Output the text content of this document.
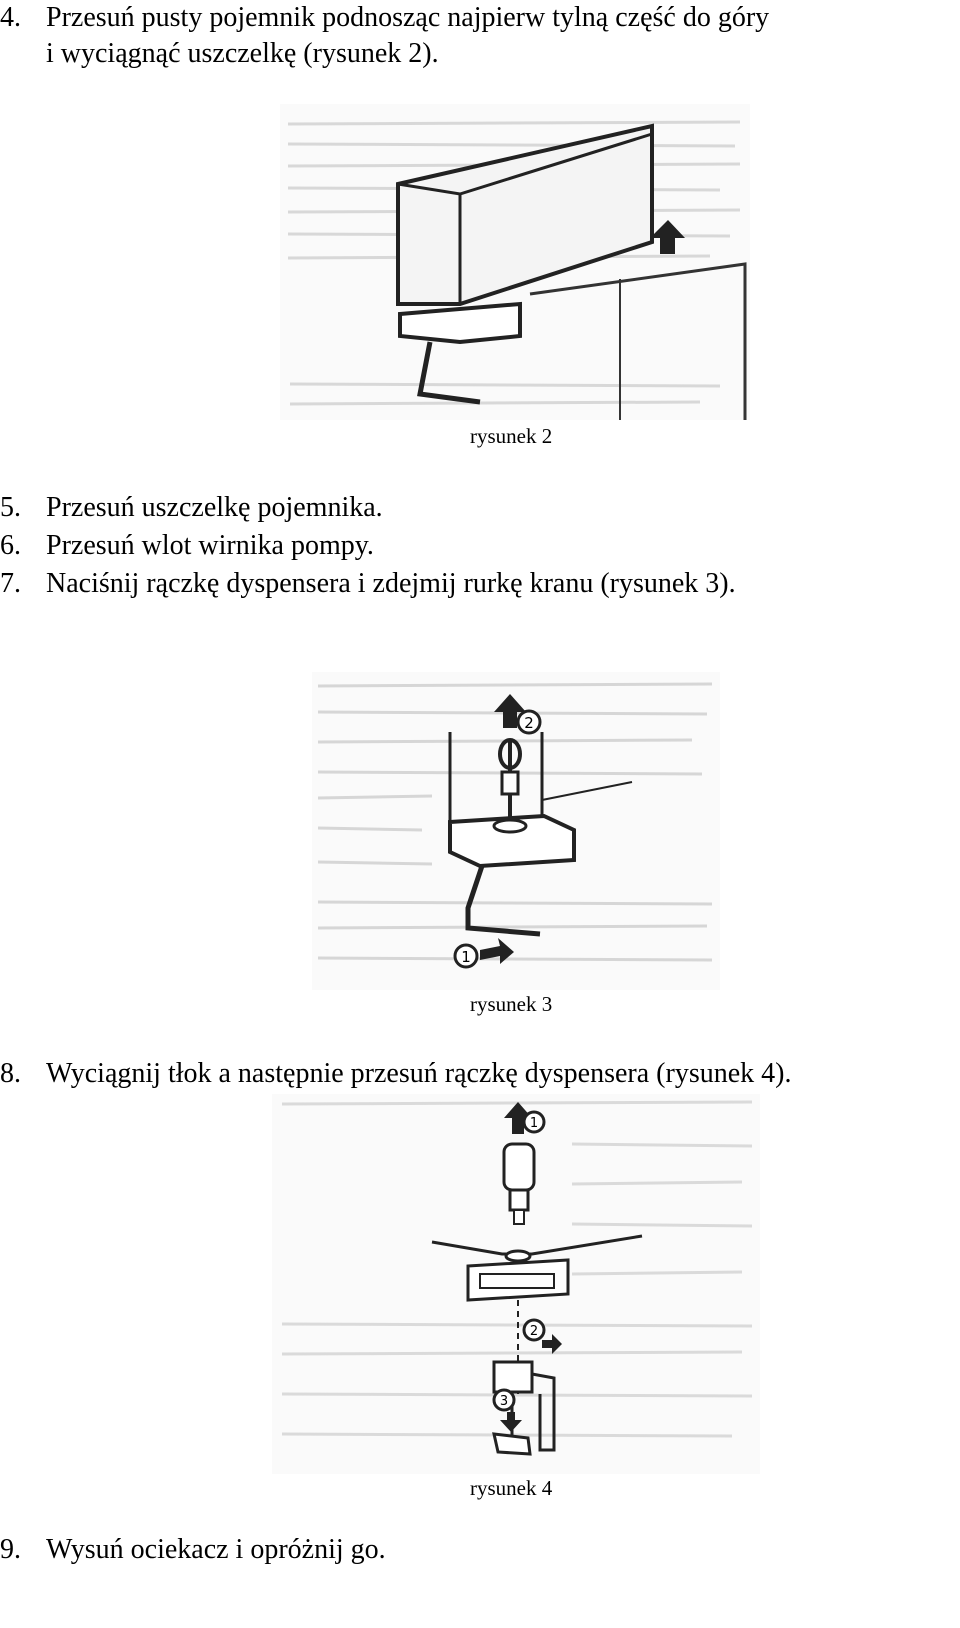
4. Przesuń pusty pojemnik podnosząc najpierw tylną część do góry
i wyciągnąć uszczelkę (rysunek 2).
rysunek 2
5. Przesuń uszczelkę pojemnika.
6. Przesuń wlot wirnika pompy.
7. Naciśnij rączkę dyspensera i zdejmij rurkę kranu (rysunek 3).
2
1
rysunek 3
8. Wyciągnij tłok a następnie przesuń rączkę dyspensera (rysunek 4).
1
2
3
rysunek 4
9. Wysuń ociekacz i opróżnij go.
